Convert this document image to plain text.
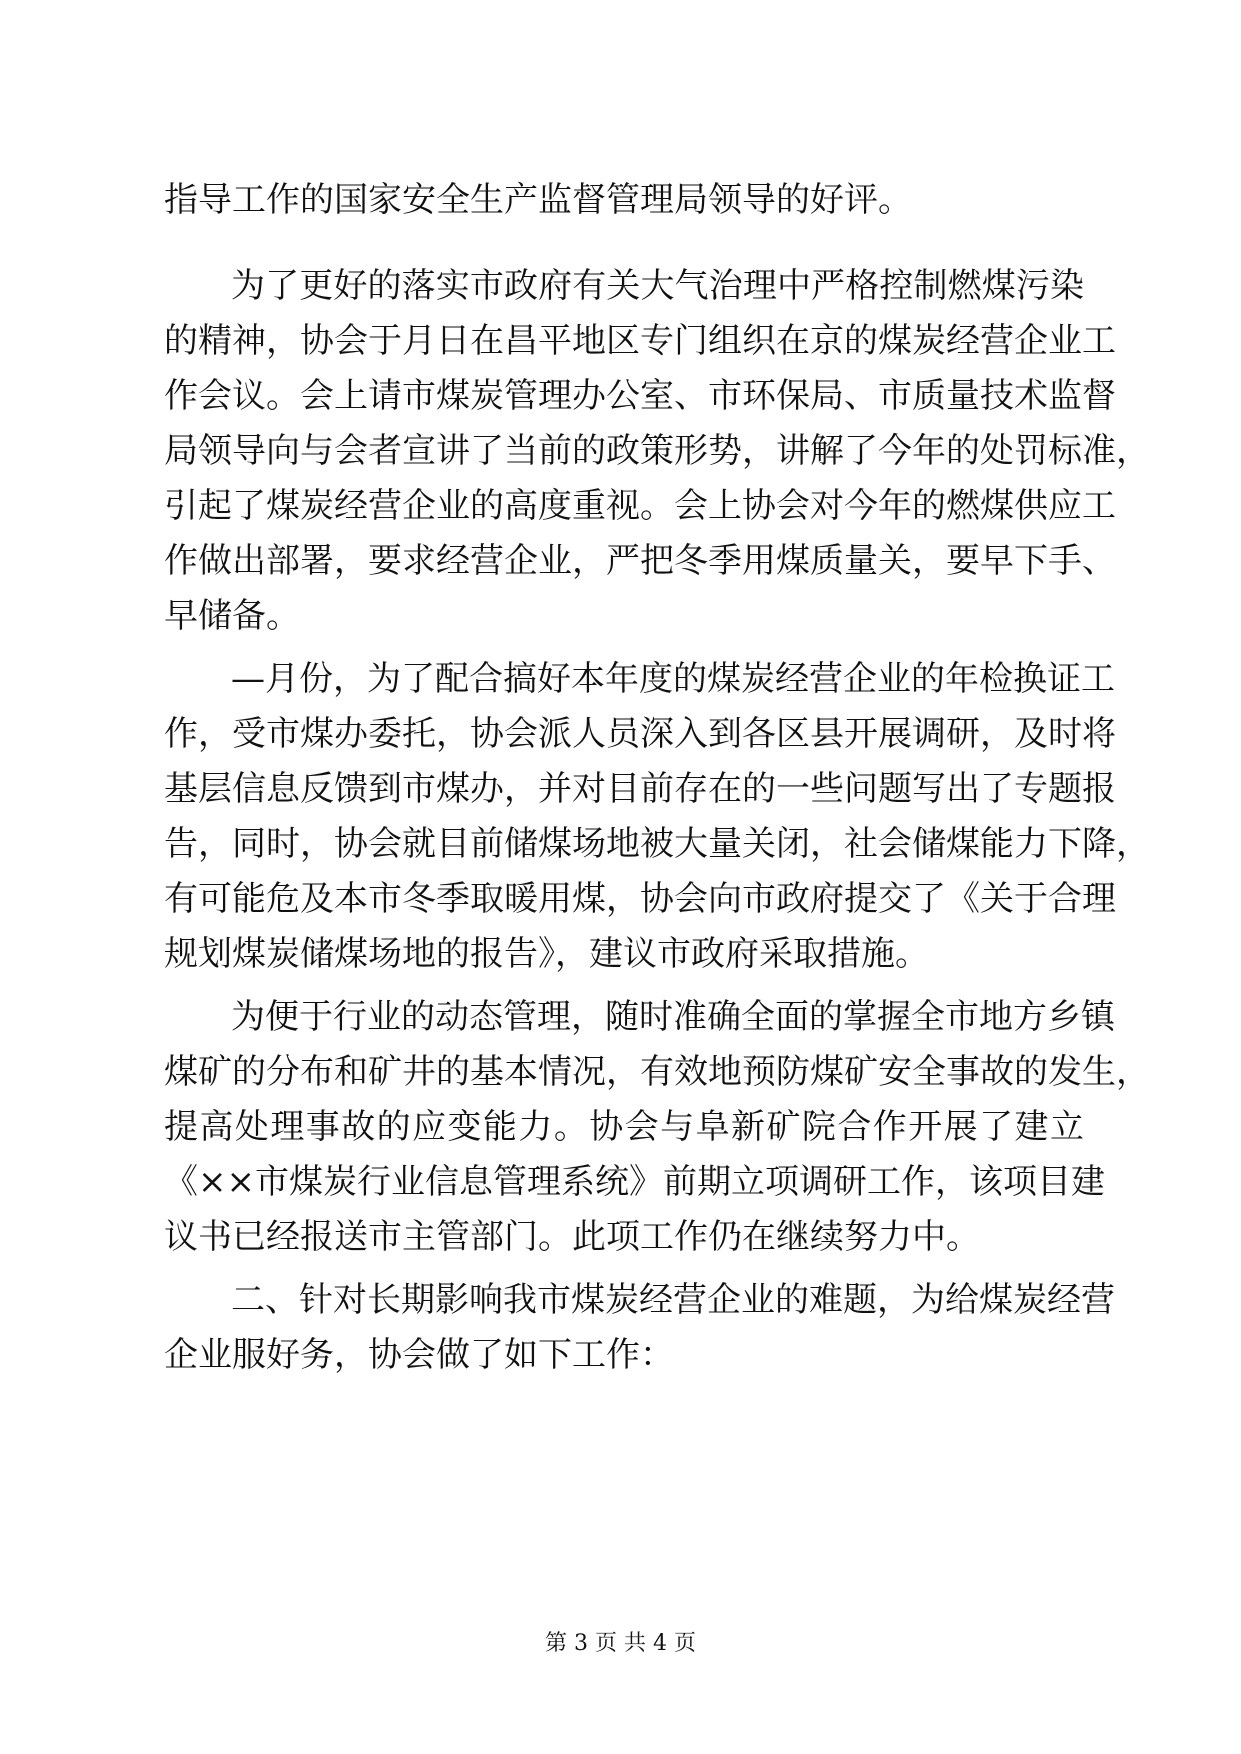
指导工作的国家安全生产监督管理局领导的好评。
为了更好的落实市政府有关大气治理中严格控制燃煤污染
的精神，协会于月日在昌平地区专门组织在京的煤炭经营企业工
作会议。会上请市煤炭管理办公室、市环保局、市质量技术监督
局领导向与会者宣讲了当前的政策形势，讲解了今年的处罚标准，
引起了煤炭经营企业的高度重视。会上协会对今年的燃煤供应工
作做出部署，要求经营企业，严把冬季用煤质量关，要早下手、
早储备。
—月份，为了配合搞好本年度的煤炭经营企业的年检换证工
作，受市煤办委托，协会派人员深入到各区县开展调研，及时将
基层信息反馈到市煤办，并对目前存在的一些问题写出了专题报
告，同时，协会就目前储煤场地被大量关闭，社会储煤能力下降，
有可能危及本市冬季取暖用煤，协会向市政府提交了《关于合理
规划煤炭储煤场地的报告》，建议市政府采取措施。
为便于行业的动态管理，随时准确全面的掌握全市地方乡镇
煤矿的分布和矿井的基本情况，有效地预防煤矿安全事故的发生，
提高处理事故的应变能力。协会与阜新矿院合作开展了建立
《××市煤炭行业信息管理系统》前期立项调研工作，该项目建
议书已经报送市主管部门。此项工作仍在继续努力中。
二、针对长期影响我市煤炭经营企业的难题，为给煤炭经营
企业服好务，协会做了如下工作：
第 3 页 共 4 页
